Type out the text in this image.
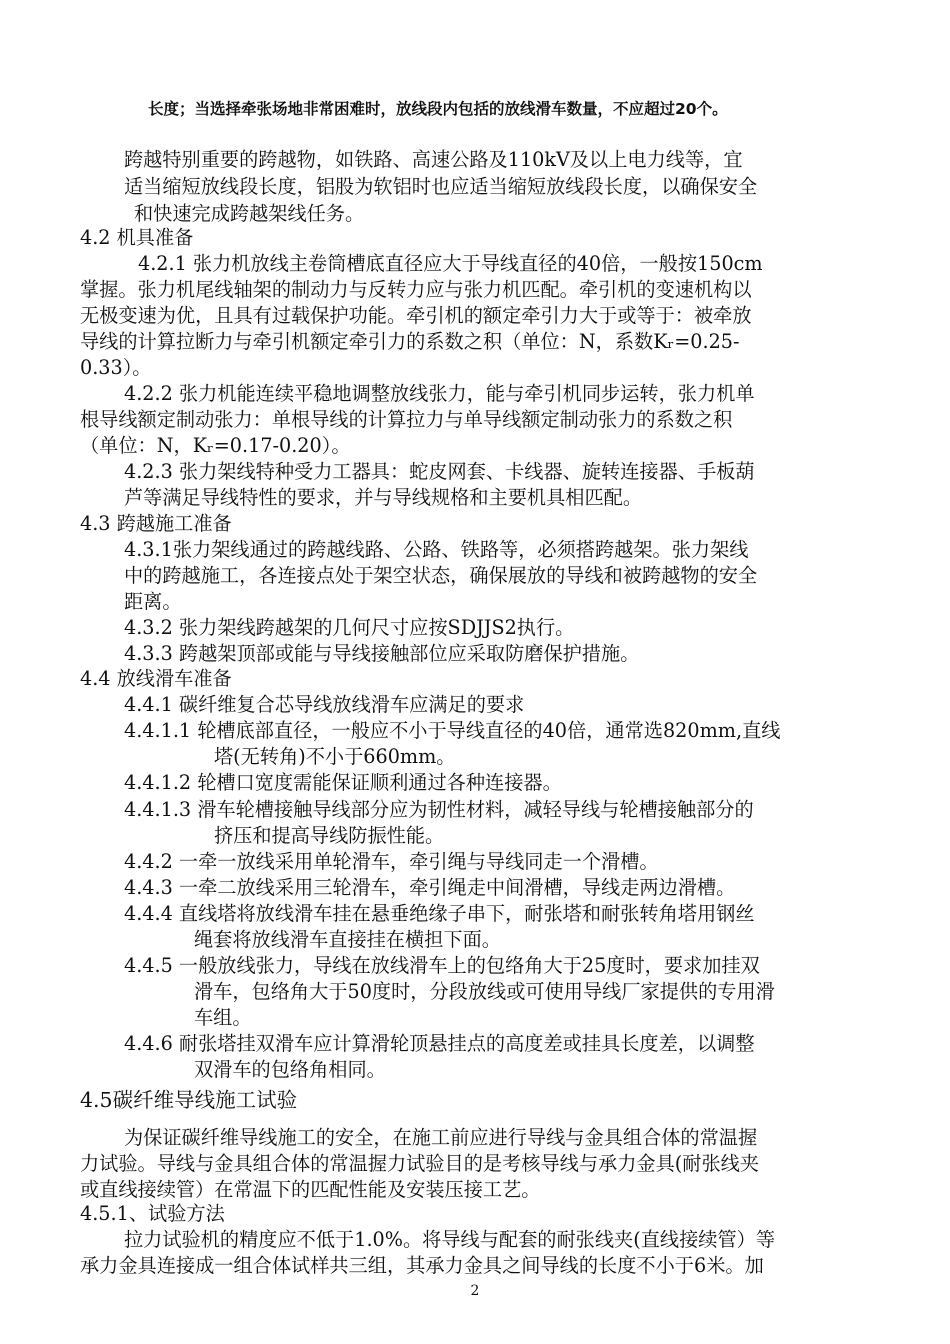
长度；当选择牵张场地非常困难时，放线段内包括的放线滑车数量，不应超过20个。
跨越特别重要的跨越物，如铁路、高速公路及110kV及以上电力线等，宜
适当缩短放线段长度，铝股为软铝时也应适当缩短放线段长度，以确保安全
和快速完成跨越架线任务。
4.2 机具准备
4.2.1 张力机放线主卷筒槽底直径应大于导线直径的40倍，一般按150cm
掌握。张力机尾线轴架的制动力与反转力应与张力机匹配。牵引机的变速机构以
无极变速为优，且具有过载保护功能。牵引机的额定牵引力大于或等于：被牵放
导线的计算拉断力与牵引机额定牵引力的系数之积（单位：N，系数Kᵣ=0.25-
0.33）。
4.2.2 张力机能连续平稳地调整放线张力，能与牵引机同步运转，张力机单
根导线额定制动张力：单根导线的计算拉力与单导线额定制动张力的系数之积
（单位：N，Kᵣ=0.17-0.20）。
4.2.3 张力架线特种受力工器具：蛇皮网套、卡线器、旋转连接器、手板葫
芦等满足导线特性的要求，并与导线规格和主要机具相匹配。
4.3 跨越施工准备
4.3.1张力架线通过的跨越线路、公路、铁路等，必须搭跨越架。张力架线
中的跨越施工，各连接点处于架空状态，确保展放的导线和被跨越物的安全
距离。
4.3.2 张力架线跨越架的几何尺寸应按SDJJS2执行。
4.3.3 跨越架顶部或能与导线接触部位应采取防磨保护措施。
4.4 放线滑车准备
4.4.1 碳纤维复合芯导线放线滑车应满足的要求
4.4.1.1 轮槽底部直径，一般应不小于导线直径的40倍，通常选820mm,直线
塔(无转角)不小于660mm。
4.4.1.2 轮槽口宽度需能保证顺利通过各种连接器。
4.4.1.3 滑车轮槽接触导线部分应为韧性材料，减轻导线与轮槽接触部分的
挤压和提高导线防振性能。
4.4.2 一牵一放线采用单轮滑车，牵引绳与导线同走一个滑槽。
4.4.3 一牵二放线采用三轮滑车，牵引绳走中间滑槽，导线走两边滑槽。
4.4.4 直线塔将放线滑车挂在悬垂绝缘子串下，耐张塔和耐张转角塔用钢丝
绳套将放线滑车直接挂在横担下面。
4.4.5 一般放线张力，导线在放线滑车上的包络角大于25度时，要求加挂双
滑车，包络角大于50度时，分段放线或可使用导线厂家提供的专用滑
车组。
4.4.6 耐张塔挂双滑车应计算滑轮顶悬挂点的高度差或挂具长度差，以调整
双滑车的包络角相同。
4.5碳纤维导线施工试验
为保证碳纤维导线施工的安全，在施工前应进行导线与金具组合体的常温握
力试验。导线与金具组合体的常温握力试验目的是考核导线与承力金具(耐张线夹
或直线接续管）在常温下的匹配性能及安装压接工艺。
4.5.1、试验方法
拉力试验机的精度应不低于1.0%。将导线与配套的耐张线夹(直线接续管）等
承力金具连接成一组合体试样共三组，其承力金具之间导线的长度不小于6米。加
2
